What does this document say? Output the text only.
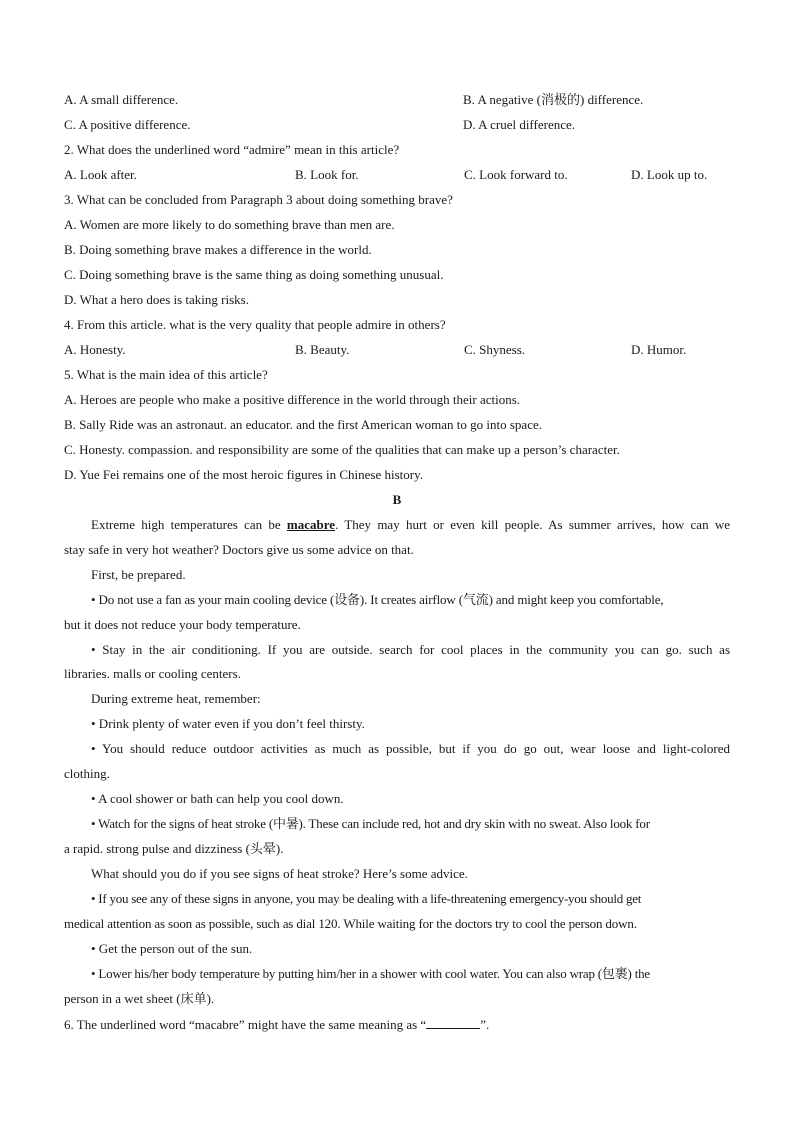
A. A small difference.	B. A negative (消极的) difference.
C. A positive difference.	D. A cruel difference.
2. What does the underlined word “admire” mean in this article?
A. Look after.	B. Look for.	C. Look forward to.	D. Look up to.
3. What can be concluded from Paragraph 3 about doing something brave?
A. Women are more likely to do something brave than men are.
B. Doing something brave makes a difference in the world.
C. Doing something brave is the same thing as doing something unusual.
D. What a hero does is taking risks.
4. From this article. what is the very quality that people admire in others?
A. Honesty.	B. Beauty.	C. Shyness.	D. Humor.
5. What is the main idea of this article?
A. Heroes are people who make a positive difference in the world through their actions.
B. Sally Ride was an astronaut. an educator. and the first American woman to go into space.
C. Honesty. compassion. and responsibility are some of the qualities that can make up a person’s character.
D. Yue Fei remains one of the most heroic figures in Chinese history.
B
Extreme high temperatures can be macabre. They may hurt or even kill people. As summer arrives, how can we
stay safe in very hot weather? Doctors give us some advice on that.
First, be prepared.
• Do not use a fan as your main cooling device (设备). It creates airflow (气流) and might keep you comfortable,
but it does not reduce your body temperature.
• Stay in the air conditioning. If you are outside. search for cool places in the community you can go. such as
libraries. malls or cooling centers.
During extreme heat, remember:
• Drink plenty of water even if you don’t feel thirsty.
• You should reduce outdoor activities as much as possible, but if you do go out, wear loose and light-colored
clothing.
• A cool shower or bath can help you cool down.
• Watch for the signs of heat stroke (中暑). These can include red, hot and dry skin with no sweat. Also look for
a rapid. strong pulse and dizziness (头晕).
What should you do if you see signs of heat stroke? Here’s some advice.
• If you see any of these signs in anyone, you may be dealing with a life-threatening emergency-you should get
medical attention as soon as possible, such as dial 120. While waiting for the doctors try to cool the person down.
• Get the person out of the sun.
• Lower his/her body temperature by putting him/her in a shower with cool water. You can also wrap (包裹) the
person in a wet sheet (床单).
6. The underlined word “macabre” might have the same meaning as “	”.
